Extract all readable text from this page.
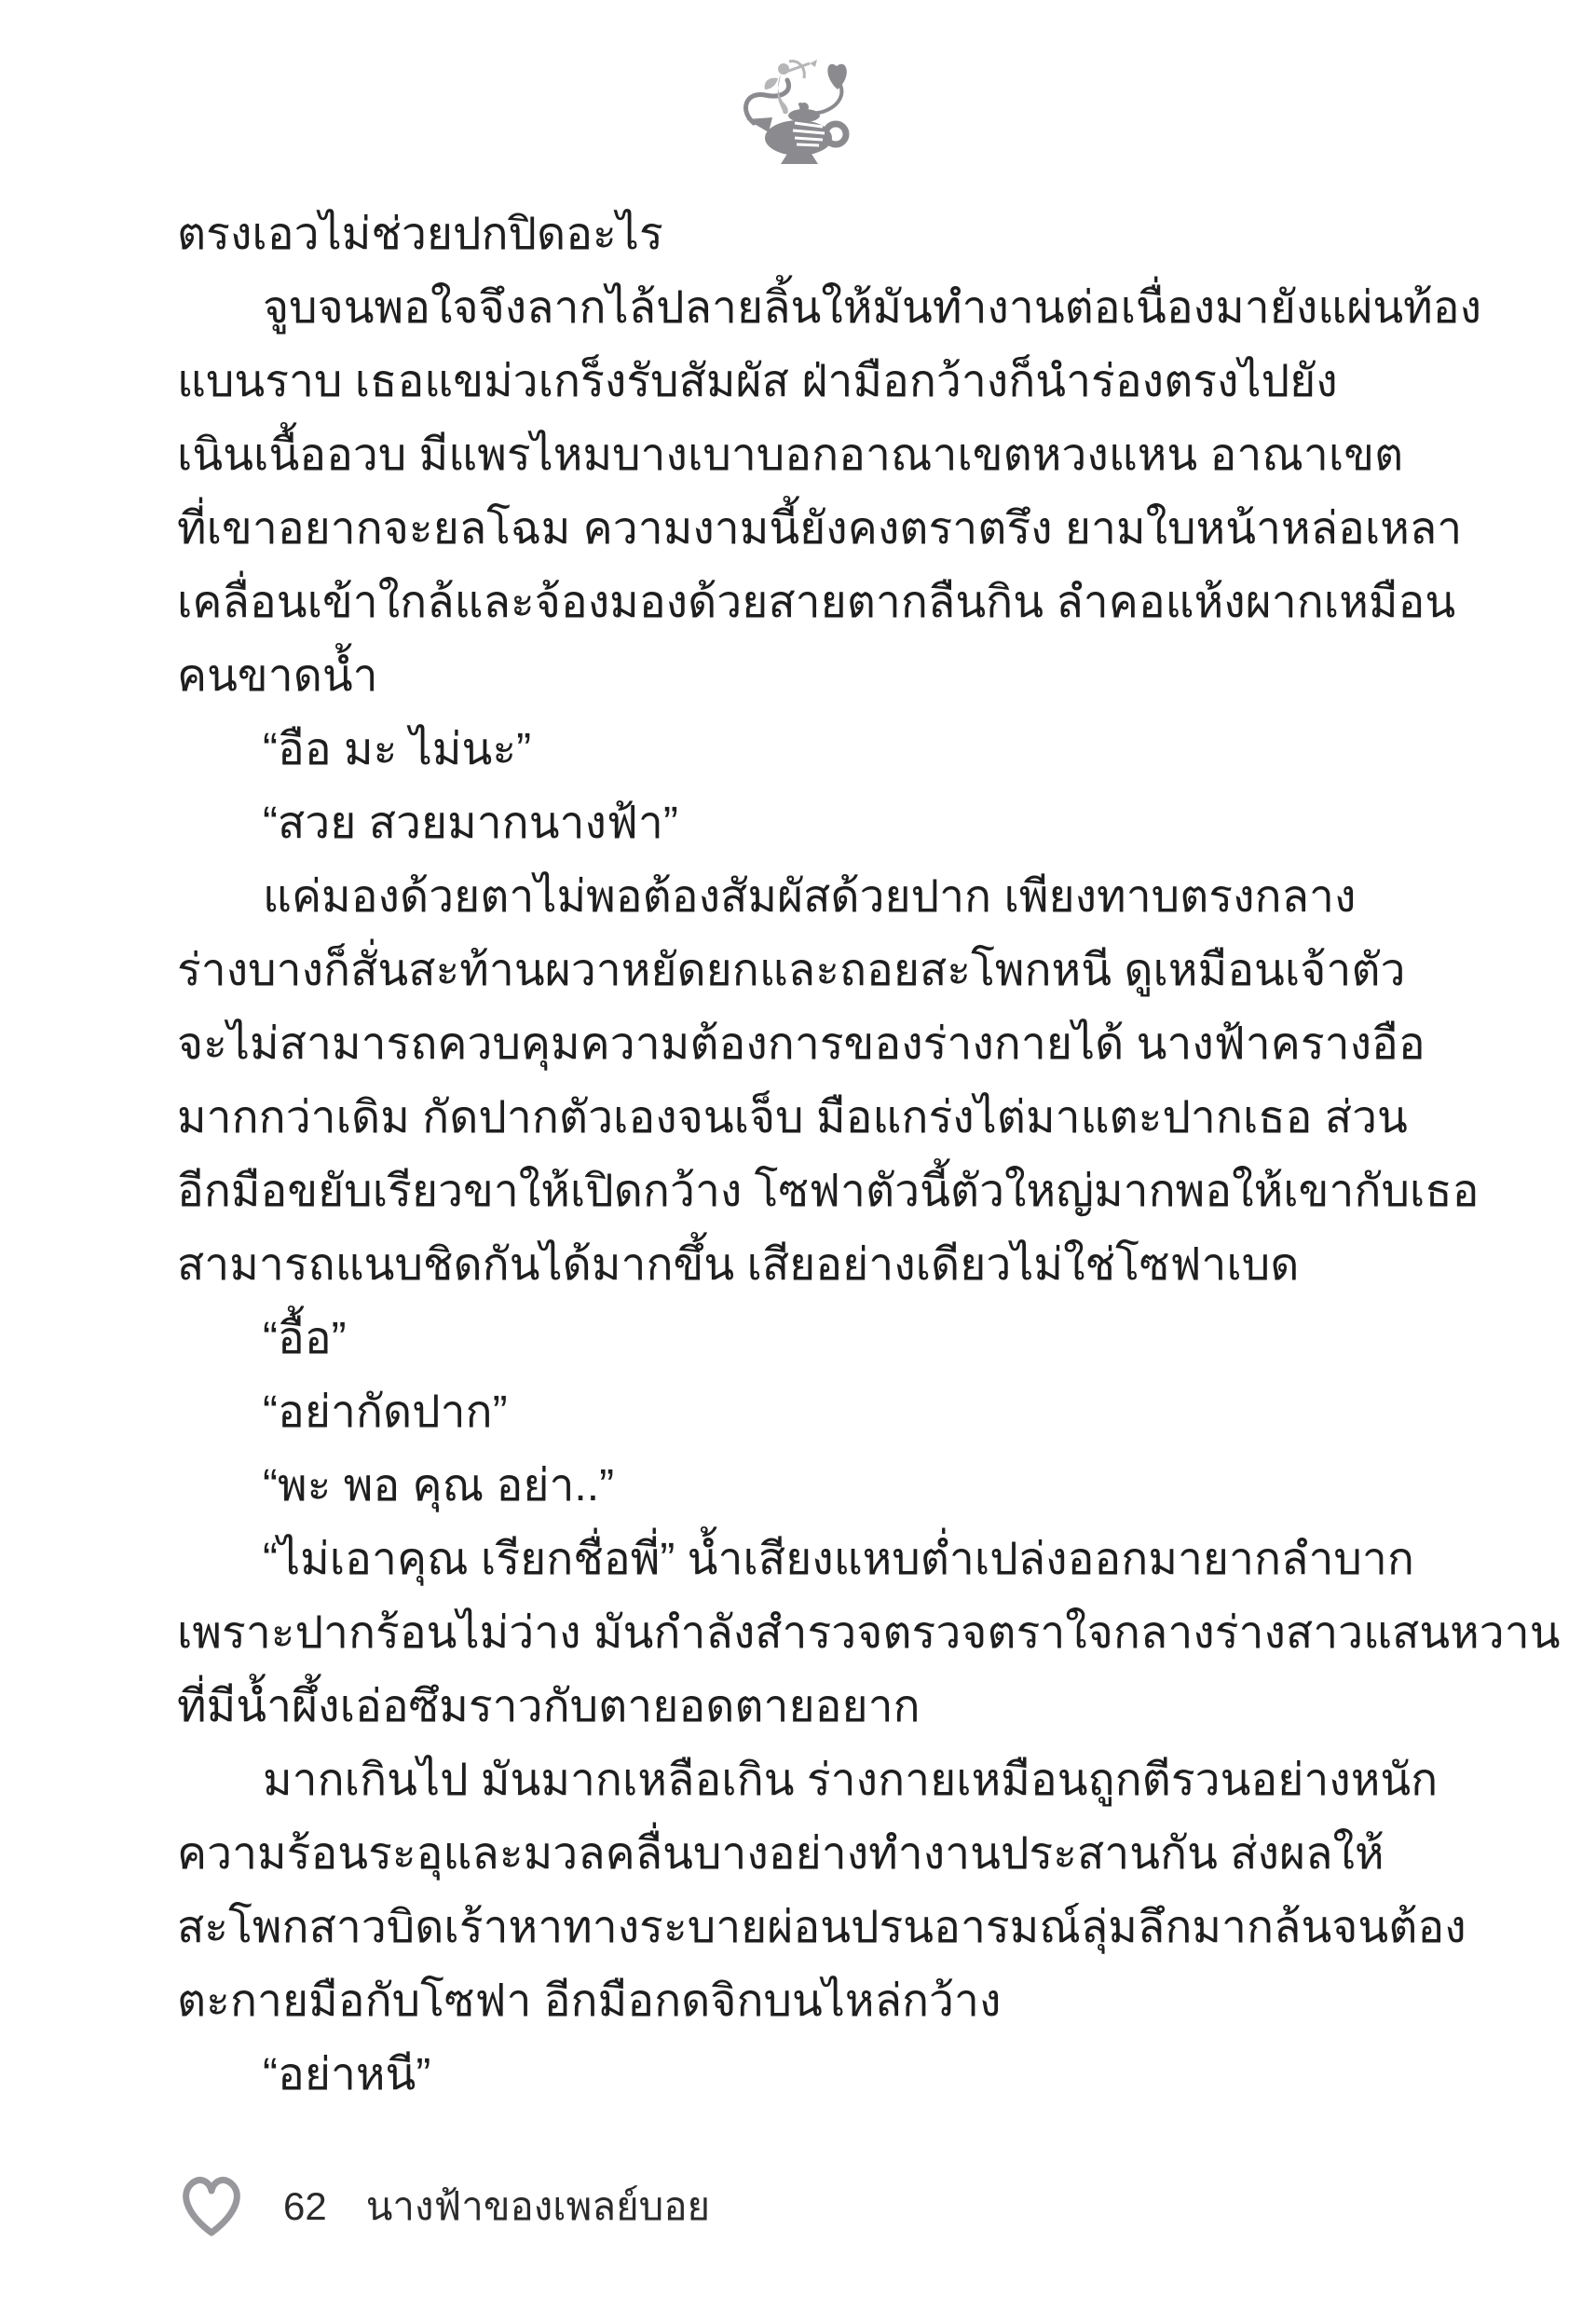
ตรงเอวไม่ช่วยปกปิดอะไร
จูบจนพอใจจึงลากไล้ปลายลิ้นให้มันทำงานต่อเนื่องมายังแผ่นท้อง
แบนราบ เธอแขม่วเกร็งรับสัมผัส ฝ่ามือกว้างก็นำร่องตรงไปยัง
เนินเนื้ออวบ มีแพรไหมบางเบาบอกอาณาเขตหวงแหน อาณาเขต
ที่เขาอยากจะยลโฉม ความงามนี้ยังคงตราตรึง ยามใบหน้าหล่อเหลา
เคลื่อนเข้าใกล้และจ้องมองด้วยสายตากลืนกิน ลำคอแห้งผากเหมือน
คนขาดน้ำ
“อือ มะ ไม่นะ”
“สวย สวยมากนางฟ้า”
แค่มองด้วยตาไม่พอต้องสัมผัสด้วยปาก เพียงทาบตรงกลาง
ร่างบางก็สั่นสะท้านผวาหยัดยกและถอยสะโพกหนี ดูเหมือนเจ้าตัว
จะไม่สามารถควบคุมความต้องการของร่างกายได้ นางฟ้าครางอือ
มากกว่าเดิม กัดปากตัวเองจนเจ็บ มือแกร่งไต่มาแตะปากเธอ ส่วน
อีกมือขยับเรียวขาให้เปิดกว้าง โซฟาตัวนี้ตัวใหญ่มากพอให้เขากับเธอ
สามารถแนบชิดกันได้มากขึ้น เสียอย่างเดียวไม่ใช่โซฟาเบด
“อื้อ”
“อย่ากัดปาก”
“พะ พอ คุณ อย่า..”
“ไม่เอาคุณ เรียกชื่อพี่” น้ำเสียงแหบต่ำเปล่งออกมายากลำบาก
เพราะปากร้อนไม่ว่าง มันกำลังสำรวจตรวจตราใจกลางร่างสาวแสนหวาน
ที่มีน้ำผึ้งเอ่อซึมราวกับตายอดตายอยาก
มากเกินไป มันมากเหลือเกิน ร่างกายเหมือนถูกตีรวนอย่างหนัก
ความร้อนระอุและมวลคลื่นบางอย่างทำงานประสานกัน ส่งผลให้
สะโพกสาวบิดเร้าหาทางระบายผ่อนปรนอารมณ์ลุ่มลึกมากล้นจนต้อง
ตะกายมือกับโซฟา อีกมือกดจิกบนไหล่กว้าง
“อย่าหนี”
62 นางฟ้าของเพลย์บอย
